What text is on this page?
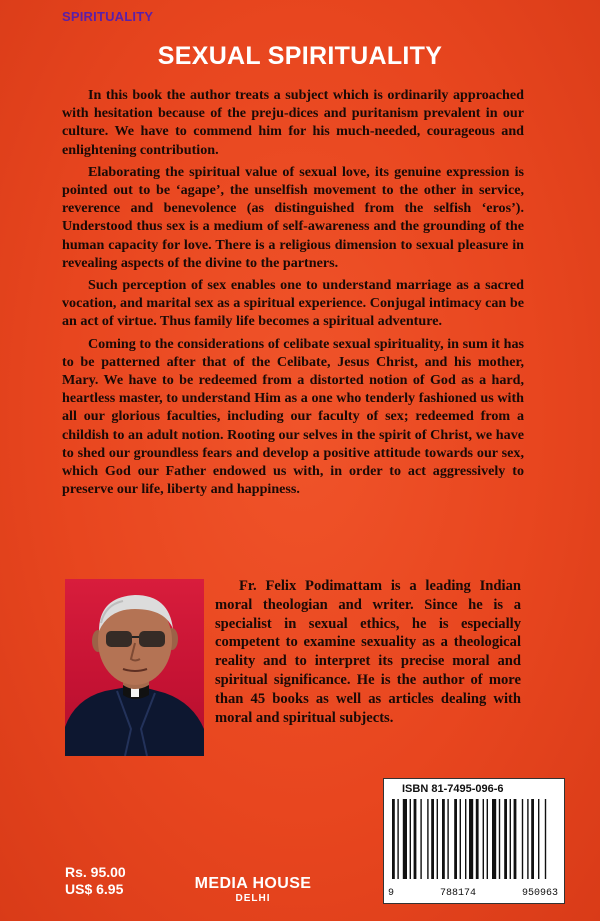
SPIRITUALITY
SEXUAL SPIRITUALITY

In this book the author treats a subject which is ordinarily approached with hesitation because of the preju-dices and puritanism prevalent in our culture. We have to commend him for his much-needed, courageous and enlightening contribution.

Elaborating the spiritual value of sexual love, its genuine expression is pointed out to be ‘agape’, the unselfish movement to the other in service, reverence and benevolence (as distinguished from the selfish ‘eros’). Understood thus sex is a medium of self-awareness and the grounding of the human capacity for love. There is a religious dimension to sexual pleasure in revealing aspects of the divine to the partners.

Such perception of sex enables one to understand marriage as a sacred vocation, and marital sex as a spiritual experience. Conjugal intimacy can be an act of virtue. Thus family life becomes a spiritual adventure.

Coming to the considerations of celibate sexual spirituality, in sum it has to be patterned after that of the Celibate, Jesus Christ, and his mother, Mary. We have to be redeemed from a distorted notion of God as a hard, heartless master, to understand Him as a one who tenderly fashioned us with all our glorious faculties, including our faculty of sex; redeemed from a childish to an adult notion. Rooting our selves in the spirit of Christ, we have to shed our groundless fears and develop a positive attitude towards our sex, which God our Father endowed us with, in order to act aggressively to preserve our life, liberty and happiness.

Fr. Felix Podimattam is a leading Indian moral theologian and writer. Since he is a specialist in sexual ethics, he is especially competent to examine sexuality as a theological reality and to interpret its precise moral and spiritual significance. He is the author of more than 45 books as well as articles dealing with moral and spiritual subjects.

ISBN 81-7495-096-6
9	788174	950963
Rs. 95.00
US$ 6.95	MEDIA HOUSE
DELHI
